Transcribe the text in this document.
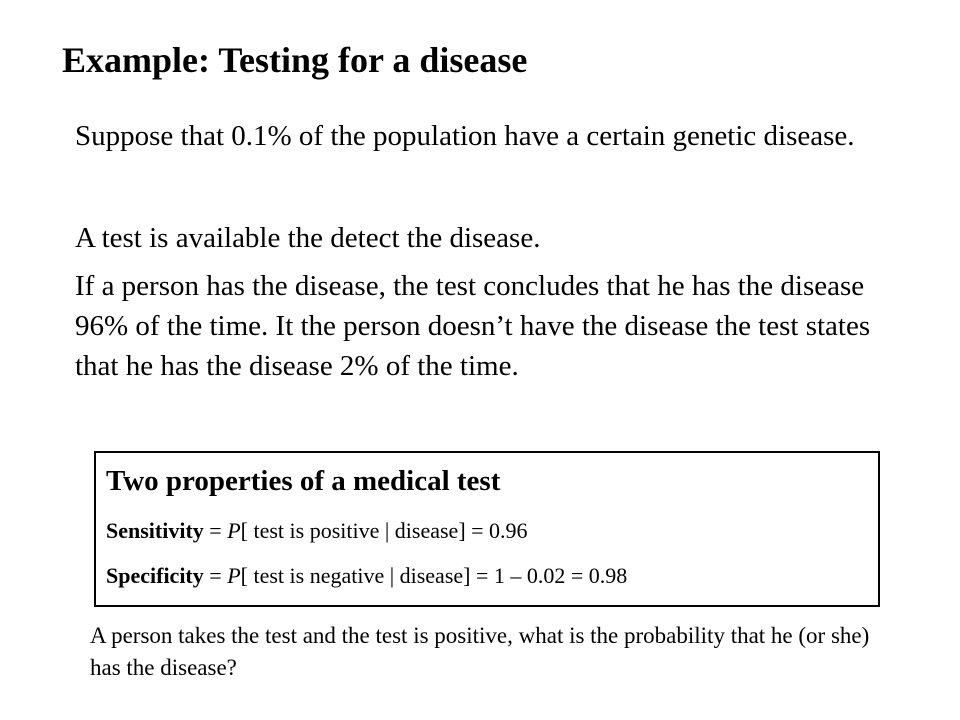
Example: Testing for a disease

Suppose that 0.1% of the population have a certain genetic disease.

A test is available the detect the disease.

If a person has the disease, the test concludes that he has the disease 96% of the time. It the person doesn’t have the disease the test states that he has the disease 2% of the time.

Two properties of a medical test
Sensitivity = P[ test is positive | disease] = 0.96
Specificity = P[ test is negative | disease] = 1 – 0.02 = 0.98

A person takes the test and the test is positive, what is the probability that he (or she) has the disease?
